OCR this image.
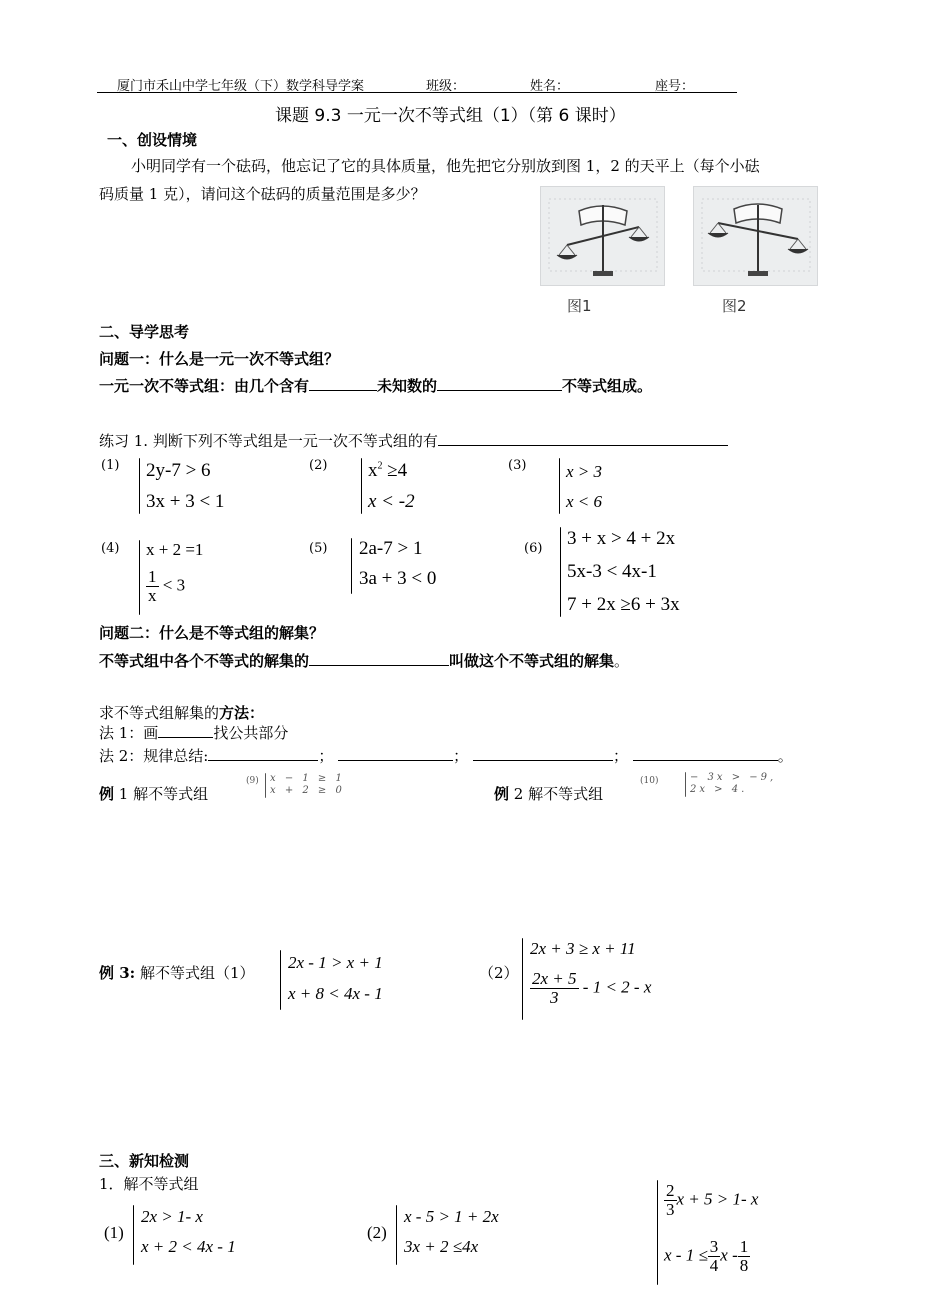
厦门市禾山中学七年级（下）数学科导学案	班级：	姓名：	座号：
课题 9.3 一元一次不等式组（1）（第 6 课时）
一、创设情境
小明同学有一个砝码，他忘记了它的具体质量，他先把它分别放到图 1，2 的天平上（每个小砝
码质量 1 克），请问这个砝码的质量范围是多少？
图1	图2
二、导学思考
问题一：什么是一元一次不等式组？
一元一次不等式组：由几个含有	未知数的	不等式组成。
练习 1. 判断下列不等式组是一元一次不等式组的有
(1) 2y-7 > 6
3x + 3 < 1
(2) $x^2 \ge 4$
x < -2
(3) x > 3
x < 6
(4) x + 2 =1
$\frac{1}{x} < 3$
(5) 2a-7 > 1
3a + 3 < 0
(6) 3 + x > 4 + 2x
5x-3 < 4x-1
7 + 2x ≥6 + 3x
问题二：什么是不等式组的解集？
不等式组中各个不等式的解集的	叫做这个不等式组的解集。
求不等式组解集的方法：
法 1：画	找公共部分
法 2：规律总结:	；	；	；	。
例 1 解不等式组
(9) x − 1 ≥ 1
x + 2 ≥ 0	例 2 解不等式组
(10)	− 3x > −9,
2x > 4.
例 3: 解不等式组（1）
2x - 1 > x + 1
x + 8 < 4x - 1
（2）
2x + 3 ≥ x + 11
$\frac{2x + 5}{3} - 1 < 2 - x$
三、新知检测
1．解不等式组
(1)
2x > 1- x
x + 2 < 4x - 1
(2)
x - 5 > 1 + 2x
3x + 2 ≤4x
$\frac{2}{3}$ x + 5 > 1- x
$x - 1 \le \frac{3}{4}$ x - $\frac{1}{8}$
